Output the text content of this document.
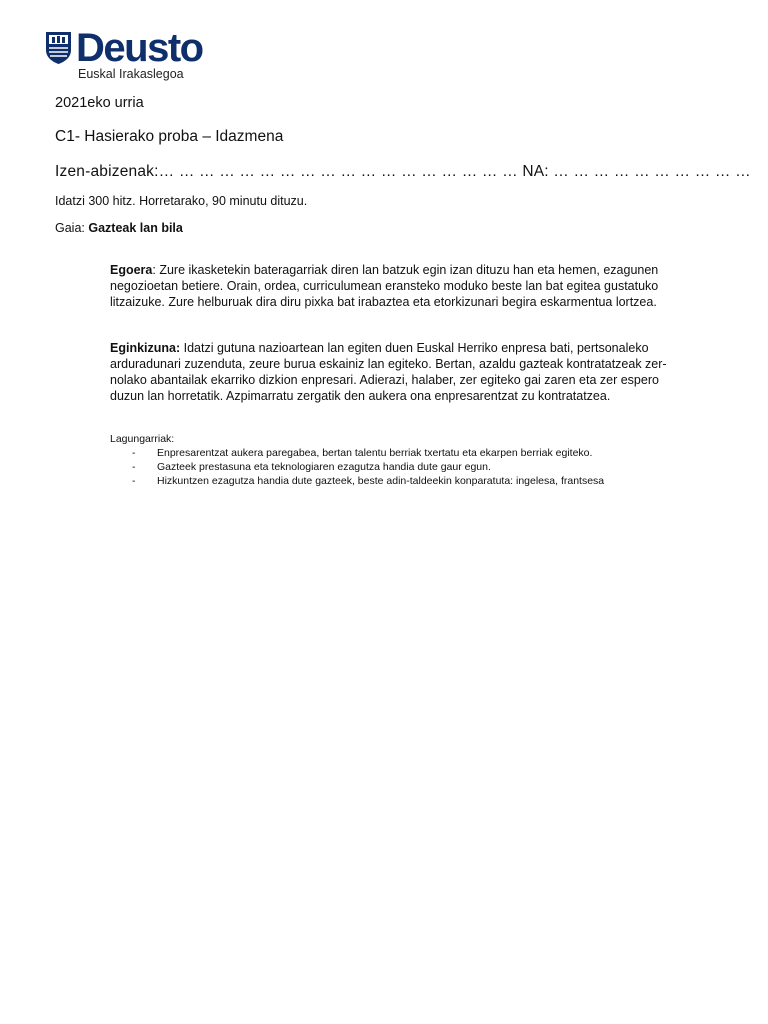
Deusto
Euskal Irakaslegoa
2021eko urria
C1- Hasierako proba – Idazmena
Izen-abizenak:… … … … … … … … … … … … … … … … … … NA: … … … … … … … … … …
Idatzi 300 hitz. Horretarako, 90 minutu dituzu.
Gaia: Gazteak lan bila
Egoera: Zure ikasketekin bateragarriak diren lan batzuk egin izan dituzu han eta hemen, ezagunen negozioetan betiere. Orain, ordea, curriculumean eransteko moduko beste lan bat egitea gustatuko litzaizuke. Zure helburuak dira diru pixka bat irabaztea eta etorkizunari begira eskarmentua lortzea.
Eginkizuna: Idatzi gutuna nazioartean lan egiten duen Euskal Herriko enpresa bati, pertsonaleko arduradunari zuzenduta, zeure burua eskainiz lan egiteko. Bertan, azaldu gazteak kontratatzeak zer-nolako abantailak ekarriko dizkion enpresari. Adierazi, halaber, zer egiteko gai zaren eta zer espero duzun lan horretatik. Azpimarratu zergatik den aukera ona enpresarentzat zu kontratatzea.
Lagungarriak:
- Enpresarentzat aukera paregabea, bertan talentu berriak txertatu eta ekarpen berriak egiteko.
- Gazteek prestasuna eta teknologiaren ezagutza handia dute gaur egun.
- Hizkuntzen ezagutza handia dute gazteek, beste adin-taldeekin konparatuta: ingelesa, frantsesa
